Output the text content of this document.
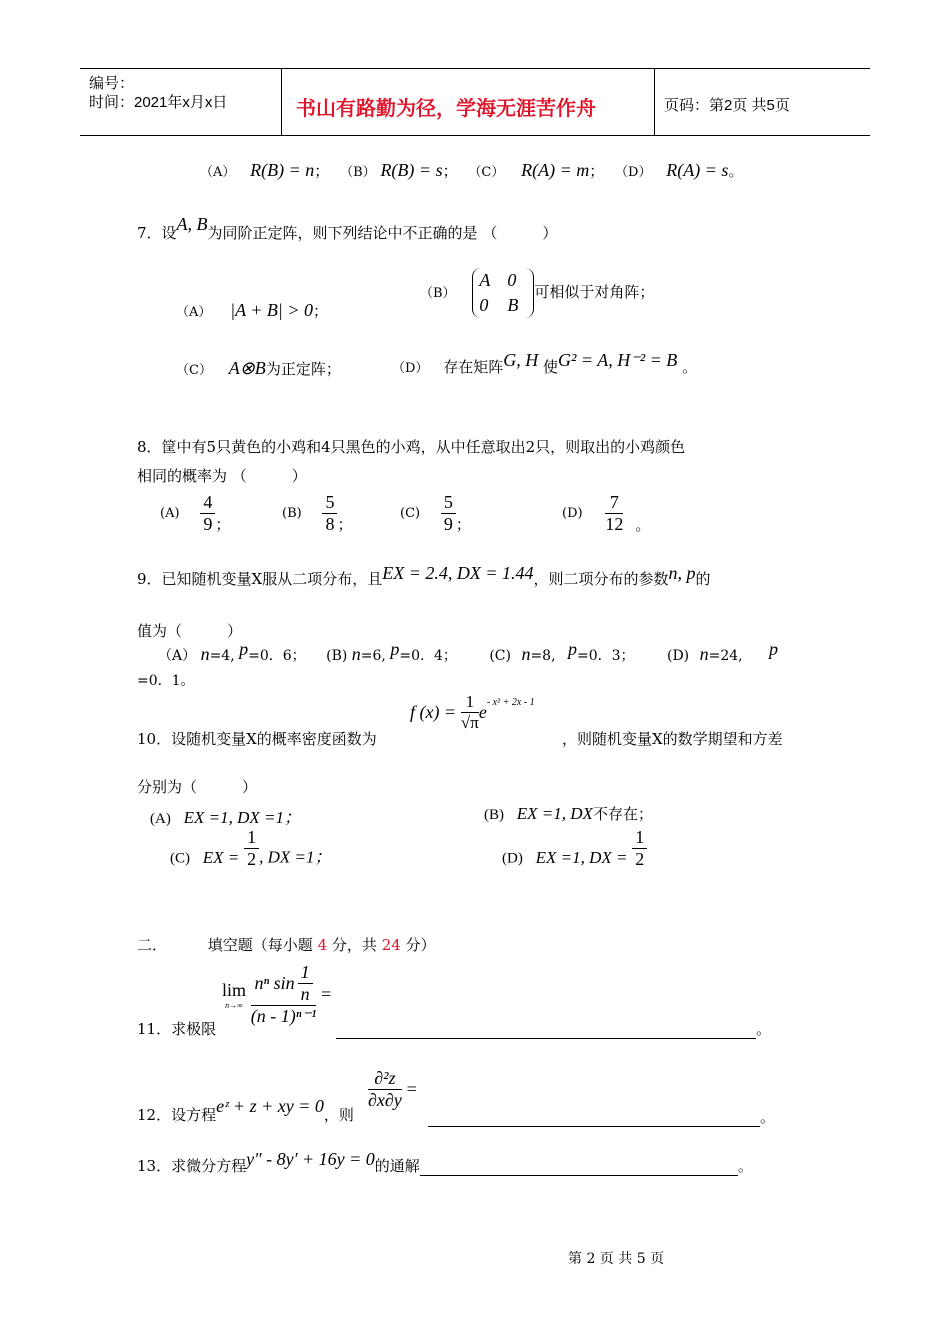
编号：
时间：2021年x月x日	书山有路勤为径，学海无涯苦作舟	页码：第2页 共5页
（A） R(B) = n； （B） R(B) = s； （C） R(A) = m； （D） R(A) = s。
7．设A, B为同阶正定阵，则下列结论中不正确的是 （　　　）
（A） |A + B| > 0；
（B）
A 0
0	B
可相似于对角阵；
（C） A⊗B为正定阵；	（D） 存在矩阵G, H 使G² = A, H⁻² = B 。
8．筐中有5只黄色的小鸡和4只黑色的小鸡，从中任意取出2只，则取出的小鸡颜色
相同的概率为 （　　　）
$(A) \frac{4}{9}$ ；
$(B) \frac{5}{8}$ ；
$(C) \frac{5}{9}$ ；
$(D) \frac{7}{12}$ 。
9．已知随机变量X服从二项分布，且EX = 2.4, DX = 1.44，则二项分布的参数n, p的
值为（　　　）
（A） n=4, p=0．6； (B) n=6, p=0．4； (C) n=8, p=0．3； (D) n=24, p
=0．1。
f $(x) = \frac{1}{√\pi} e^{- x^2 + 2x - 1}$
10．设随机变量X的概率密度函数为	，则随机变量X的数学期望和方差
分别为（　　　）
(A) EX =1, DX =1；	(B) EX =1, DX不存在；
(C) EX = $\frac{1}{2}$ , DX =1；	(D) EX =1, DX = $\frac{1}{2}$
二．	填空题（每小题 4 分，共 24 分）
lim
n→∞
$\frac{n^n \sin \frac{1}{n}}{\text{(n - 1)ⁿ⁻¹}}$ =
11．求极限	。
12．设方程eᶻ + z + xy = 0，则
$\frac{\text{∂²z}}{\partial x\partial y}$ =
。
13．求微分方程y″ - 8y′ + 16y = 0的通解	。
第 2 页 共 5 页
